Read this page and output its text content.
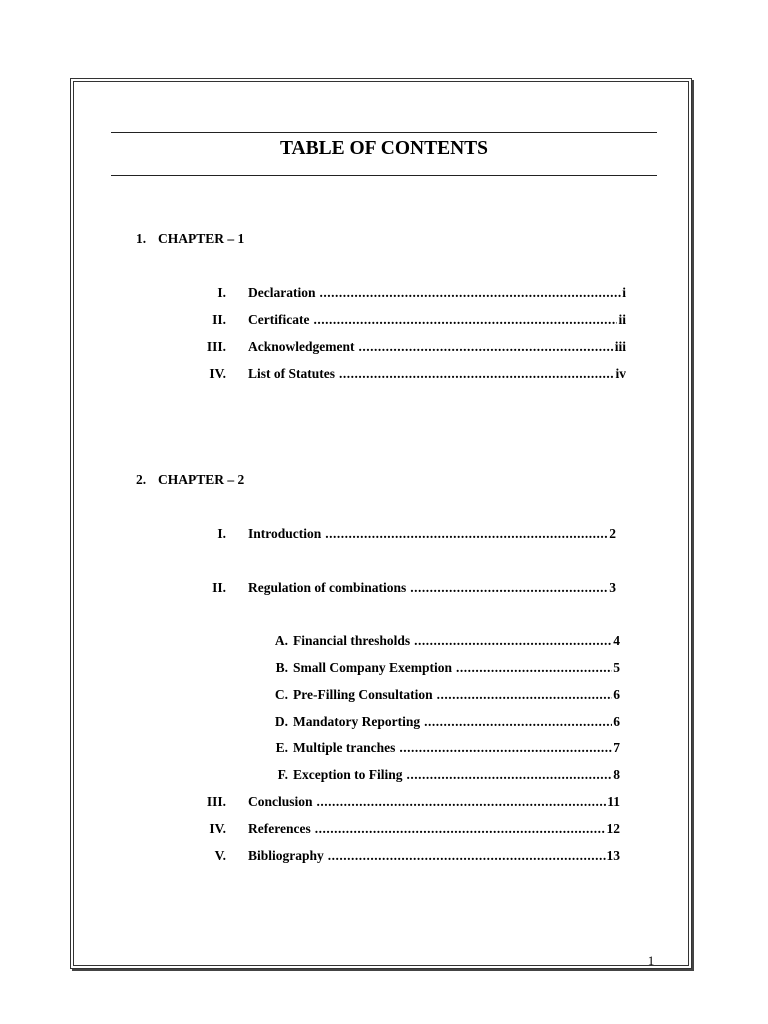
TABLE OF CONTENTS
1. CHAPTER – 1
I. Declaration .....	i
II. Certificate .....	ii
III. Acknowledgement .....	iii
IV. List of Statutes .....	iv
2. CHAPTER – 2
I. Introduction .....	2
II. Regulation of combinations .....	3
A. Financial thresholds .....	4
B. Small Company Exemption .....	5
C. Pre-Filling Consultation .....	6
D. Mandatory Reporting .....	6
E. Multiple tranches .....	7
F. Exception to Filing .....	8
III. Conclusion .....	11
IV. References .....	12
V. Bibliography .....	13
1
